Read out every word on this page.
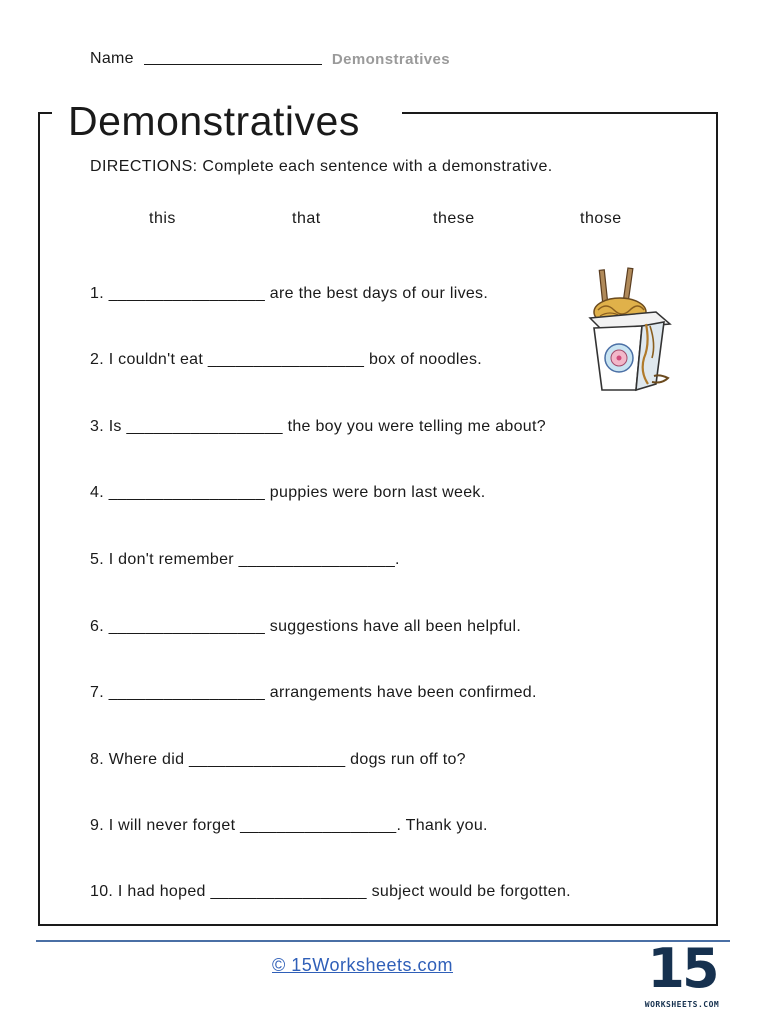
Name	Demonstratives
Demonstratives
DIRECTIONS: Complete each sentence with a demonstrative.
this	that	these	those
1. _________________ are the best days of our lives.
2. I couldn't eat _________________ box of noodles.
3. Is _________________ the boy you were telling me about?
4. _________________ puppies were born last week.
5. I don't remember _________________.
6. _________________ suggestions have all been helpful.
7. _________________ arrangements have been confirmed.
8. Where did _________________ dogs run off to?
9. I will never forget _________________. Thank you.
10. I had hoped _________________ subject would be forgotten.
© 15Worksheets.com	15
WORKSHEETS.COM
